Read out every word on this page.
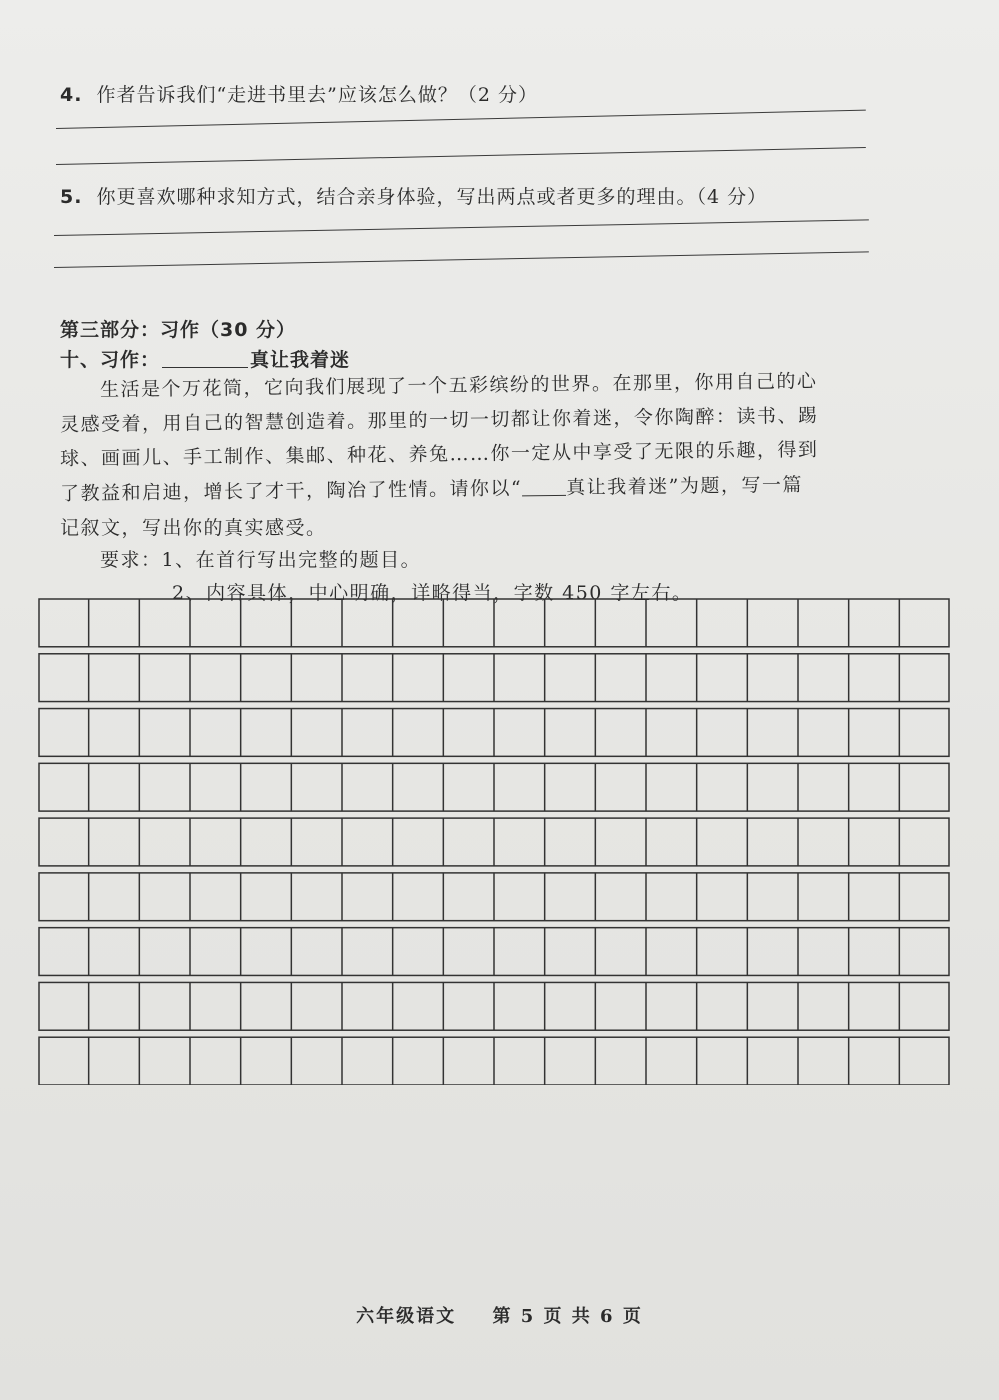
4. 作者告诉我们“走进书里去”应该怎么做？（2 分）
5. 你更喜欢哪种求知方式，结合亲身体验，写出两点或者更多的理由。（4 分）
第三部分：习作（30 分）
十、习作：	真让我着迷
生活是个万花筒，它向我们展现了一个五彩缤纷的世界。在那里，你用自己的心
灵感受着，用自己的智慧创造着。那里的一切一切都让你着迷，令你陶醉：读书、踢
球、画画儿、手工制作、集邮、种花、养兔……你一定从中享受了无限的乐趣，得到
了教益和启迪，增长了才干，陶冶了性情。请你以“ 真让我着迷”为题，写一篇
记叙文，写出你的真实感受。
要求：1、在首行写出完整的题目。
2、内容具体，中心明确，详略得当，字数 450 字左右。
六年级语文 第 5 页 共 6 页
